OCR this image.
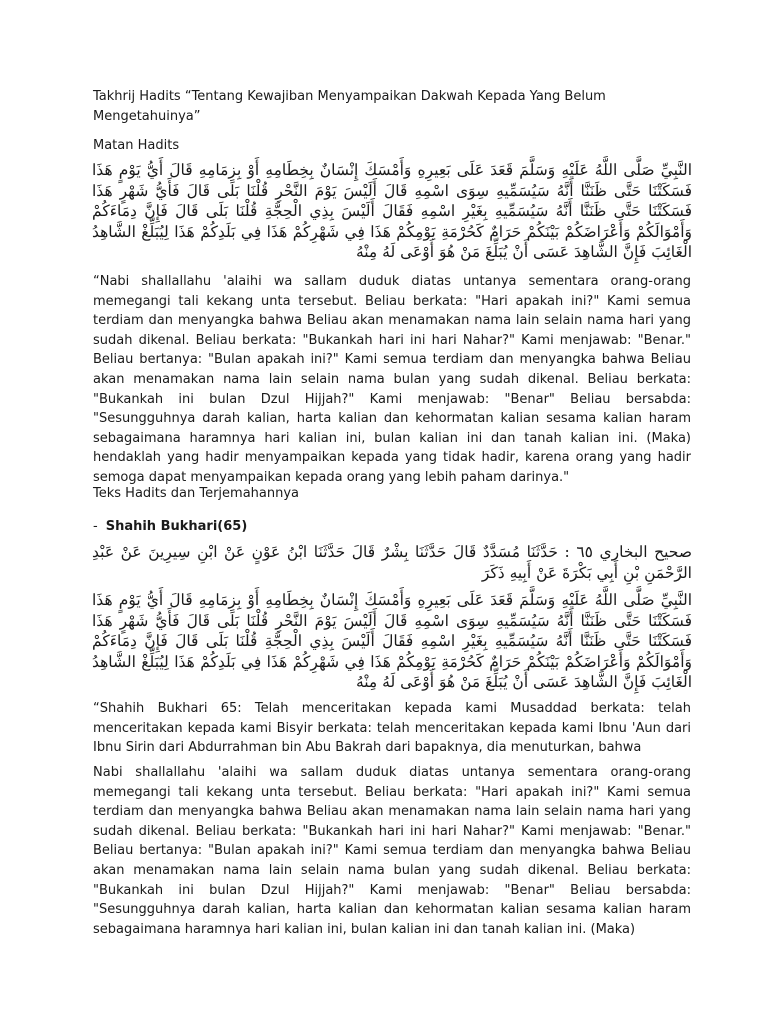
Takhrij Hadits “Tentang Kewajiban Menyampaikan Dakwah Kepada Yang Belum Mengetahuinya”

Matan Hadits

النَّبِيِّ صَلَّى اللَّهُ عَلَيْهِ وَسَلَّمَ قَعَدَ عَلَى بَعِيرِهِ وَأَمْسَكَ إِنْسَانٌ بِخِطَامِهِ أَوْ بِزِمَامِهِ قَالَ أَيُّ يَوْمٍ هَذَا فَسَكَتْنَا حَتَّى ظَنَنَّا أَنَّهُ سَيُسَمِّيهِ سِوَى اسْمِهِ قَالَ أَلَيْسَ يَوْمَ النَّحْرِ قُلْنَا بَلَى قَالَ فَأَيُّ شَهْرٍ هَذَا فَسَكَتْنَا حَتَّى ظَنَنَّا أَنَّهُ سَيُسَمِّيهِ بِغَيْرِ اسْمِهِ فَقَالَ أَلَيْسَ بِذِي الْحِجَّةِ قُلْنَا بَلَى قَالَ فَإِنَّ دِمَاءَكُمْ وَأَمْوَالَكُمْ وَأَعْرَاضَكُمْ بَيْنَكُمْ حَرَامٌ كَحُرْمَةِ يَوْمِكُمْ هَذَا فِي شَهْرِكُمْ هَذَا فِي بَلَدِكُمْ هَذَا لِيُبَلِّغْ الشَّاهِدُ الْغَائِبَ فَإِنَّ الشَّاهِدَ عَسَى أَنْ يُبَلِّغَ مَنْ هُوَ أَوْعَى لَهُ مِنْهُ

“Nabi shallallahu 'alaihi wa sallam duduk diatas untanya sementara orang-orang memegangi tali kekang unta tersebut. Beliau berkata: "Hari apakah ini?" Kami semua terdiam dan menyangka bahwa Beliau akan menamakan nama lain selain nama hari yang sudah dikenal. Beliau berkata: "Bukankah hari ini hari Nahar?" Kami menjawab: "Benar." Beliau bertanya: "Bulan apakah ini?" Kami semua terdiam dan menyangka bahwa Beliau akan menamakan nama lain selain nama bulan yang sudah dikenal. Beliau berkata: "Bukankah ini bulan Dzul Hijjah?" Kami menjawab: "Benar" Beliau bersabda: "Sesungguhnya darah kalian, harta kalian dan kehormatan kalian sesama kalian haram sebagaimana haramnya hari kalian ini, bulan kalian ini dan tanah kalian ini. (Maka) hendaklah yang hadir menyampaikan kepada yang tidak hadir, karena orang yang hadir semoga dapat menyampaikan kepada orang yang lebih paham darinya."

Teks Hadits dan Terjemahannya

- Shahih Bukhari(65)

صحيح البخاري ٦٥ : حَدَّثَنَا مُسَدَّدٌ قَالَ حَدَّثَنَا بِشْرٌ قَالَ حَدَّثَنَا ابْنُ عَوْنٍ عَنْ ابْنِ سِيرِينَ عَنْ عَبْدِ الرَّحْمَنِ بْنِ أَبِي بَكْرَةَ عَنْ أَبِيهِ ذَكَرَ

النَّبِيِّ صَلَّى اللَّهُ عَلَيْهِ وَسَلَّمَ قَعَدَ عَلَى بَعِيرِهِ وَأَمْسَكَ إِنْسَانٌ بِخِطَامِهِ أَوْ بِزِمَامِهِ قَالَ أَيُّ يَوْمٍ هَذَا فَسَكَتْنَا حَتَّى ظَنَنَّا أَنَّهُ سَيُسَمِّيهِ سِوَى اسْمِهِ قَالَ أَلَيْسَ يَوْمَ النَّحْرِ قُلْنَا بَلَى قَالَ فَأَيُّ شَهْرٍ هَذَا فَسَكَتْنَا حَتَّى ظَنَنَّا أَنَّهُ سَيُسَمِّيهِ بِغَيْرِ اسْمِهِ فَقَالَ أَلَيْسَ بِذِي الْحِجَّةِ قُلْنَا بَلَى قَالَ فَإِنَّ دِمَاءَكُمْ وَأَمْوَالَكُمْ وَأَعْرَاضَكُمْ بَيْنَكُمْ حَرَامٌ كَحُرْمَةِ يَوْمِكُمْ هَذَا فِي شَهْرِكُمْ هَذَا فِي بَلَدِكُمْ هَذَا لِيُبَلِّغْ الشَّاهِدُ الْغَائِبَ فَإِنَّ الشَّاهِدَ عَسَى أَنْ يُبَلِّغَ مَنْ هُوَ أَوْعَى لَهُ مِنْهُ

“Shahih Bukhari 65: Telah menceritakan kepada kami Musaddad berkata: telah menceritakan kepada kami Bisyir berkata: telah menceritakan kepada kami Ibnu 'Aun dari Ibnu Sirin dari Abdurrahman bin Abu Bakrah dari bapaknya, dia menuturkan, bahwa

Nabi shallallahu 'alaihi wa sallam duduk diatas untanya sementara orang-orang memegangi tali kekang unta tersebut. Beliau berkata: "Hari apakah ini?" Kami semua terdiam dan menyangka bahwa Beliau akan menamakan nama lain selain nama hari yang sudah dikenal. Beliau berkata: "Bukankah hari ini hari Nahar?" Kami menjawab: "Benar." Beliau bertanya: "Bulan apakah ini?" Kami semua terdiam dan menyangka bahwa Beliau akan menamakan nama lain selain nama bulan yang sudah dikenal. Beliau berkata: "Bukankah ini bulan Dzul Hijjah?" Kami menjawab: "Benar" Beliau bersabda: "Sesungguhnya darah kalian, harta kalian dan kehormatan kalian sesama kalian haram sebagaimana haramnya hari kalian ini, bulan kalian ini dan tanah kalian ini. (Maka)
